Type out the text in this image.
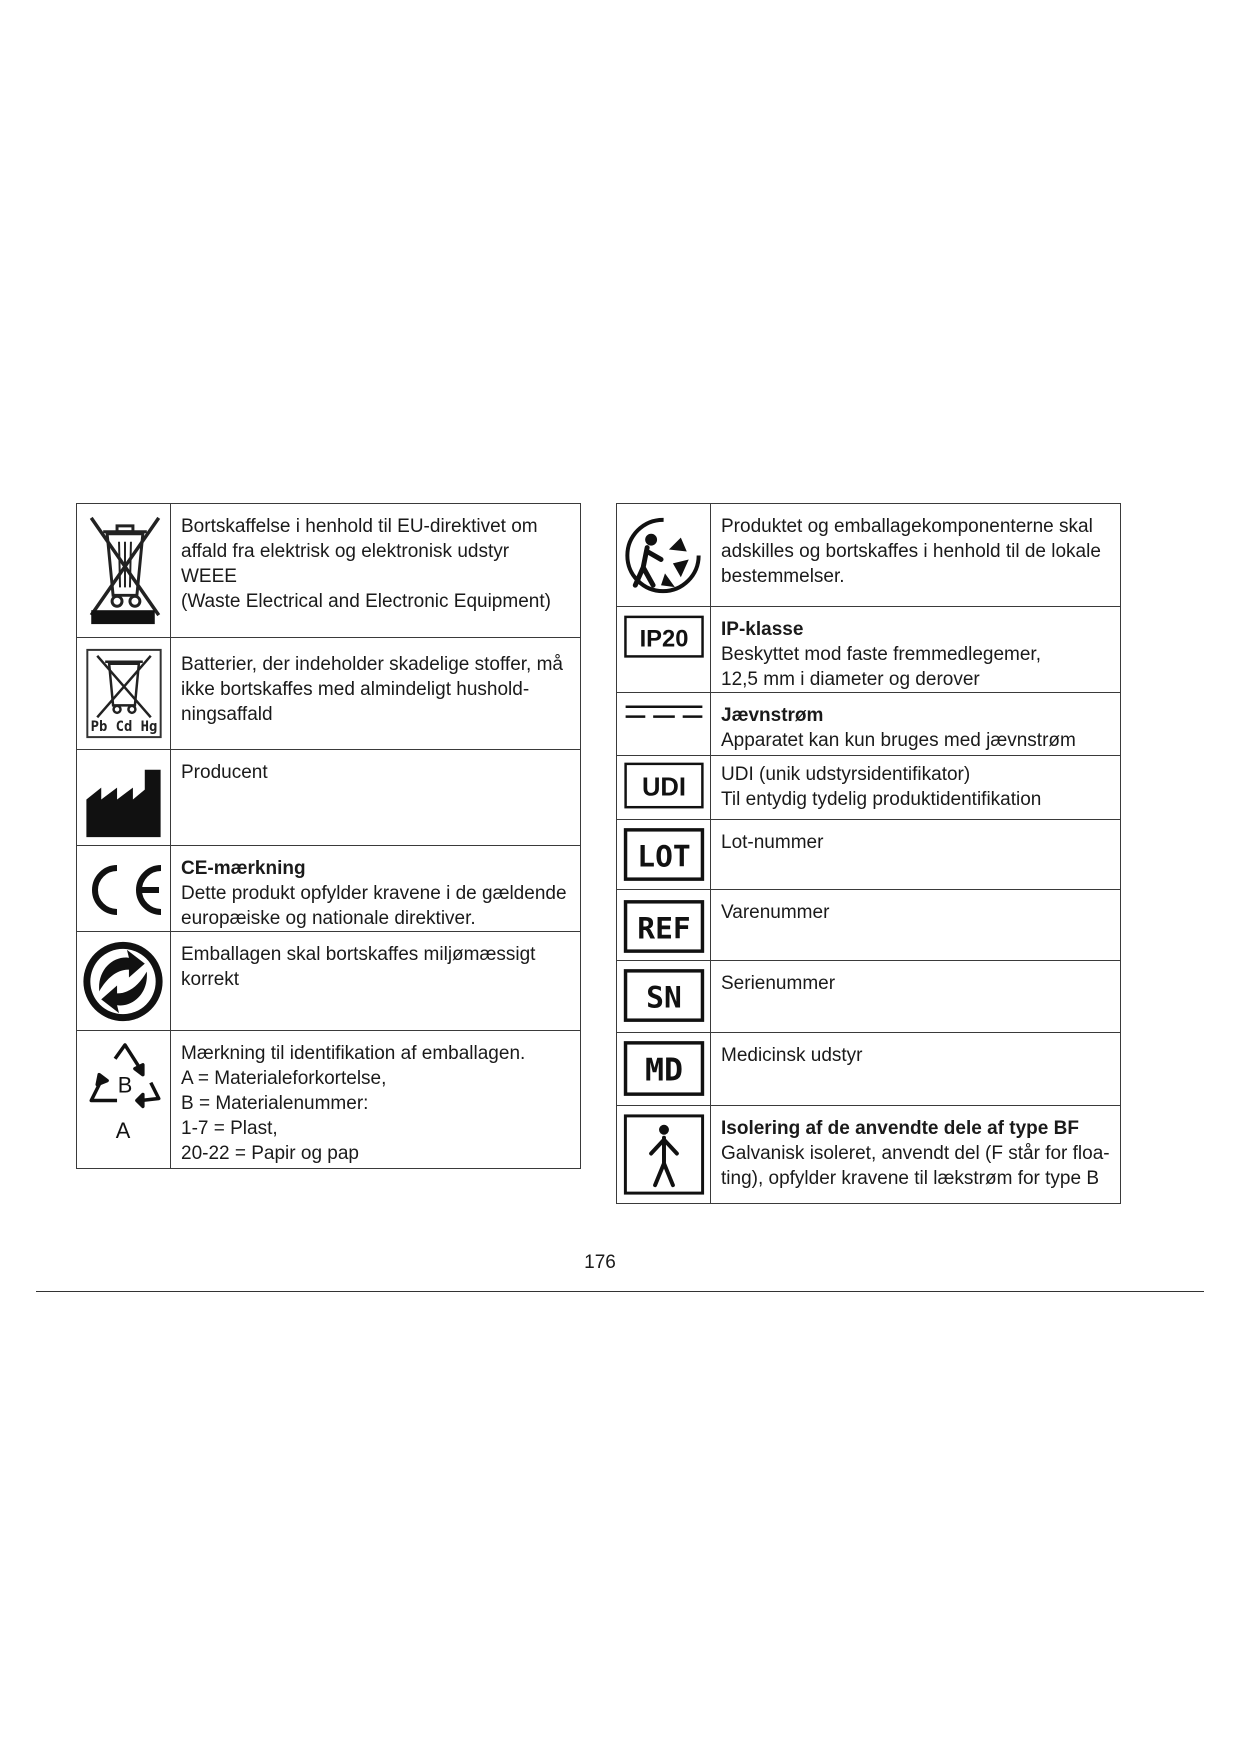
Bortskaffelse i henhold til EU-direktivet om
affald fra elektrisk og elektronisk udstyr WEEE
(Waste Electrical and Electronic Equipment)

Pb Cd Hg	Batterier, der indeholder skadelige stoffer, må
ikke bortskaffes med almindeligt hushold-
ningsaffald

Producent

CE-mærkning
Dette produkt opfylder kravene i de gældende
europæiske og nationale direktiver.

Emballagen skal bortskaffes miljømæssigt
korrekt

B
A	Mærkning til identifikation af emballagen.
A = Materialeforkortelse,
B = Materialenummer:
1-7 = Plast,
20-22 = Papir og pap

Produktet og emballagekomponenterne skal
adskilles og bortskaffes i henhold til de lokale
bestemmelser.

IP20	IP-klasse
Beskyttet mod faste fremmedlegemer,
12,5 mm i diameter og derover

Jævnstrøm
Apparatet kan kun bruges med jævnstrøm

UDI	UDI (unik udstyrsidentifikator)
Til entydig tydelig produktidentifikation

LOT	Lot-nummer

REF	Varenummer

SN	Serienummer

MD	Medicinsk udstyr

Isolering af de anvendte dele af type BF
Galvanisk isoleret, anvendt del (F står for floa-
ting), opfylder kravene til lækstrøm for type B
176
